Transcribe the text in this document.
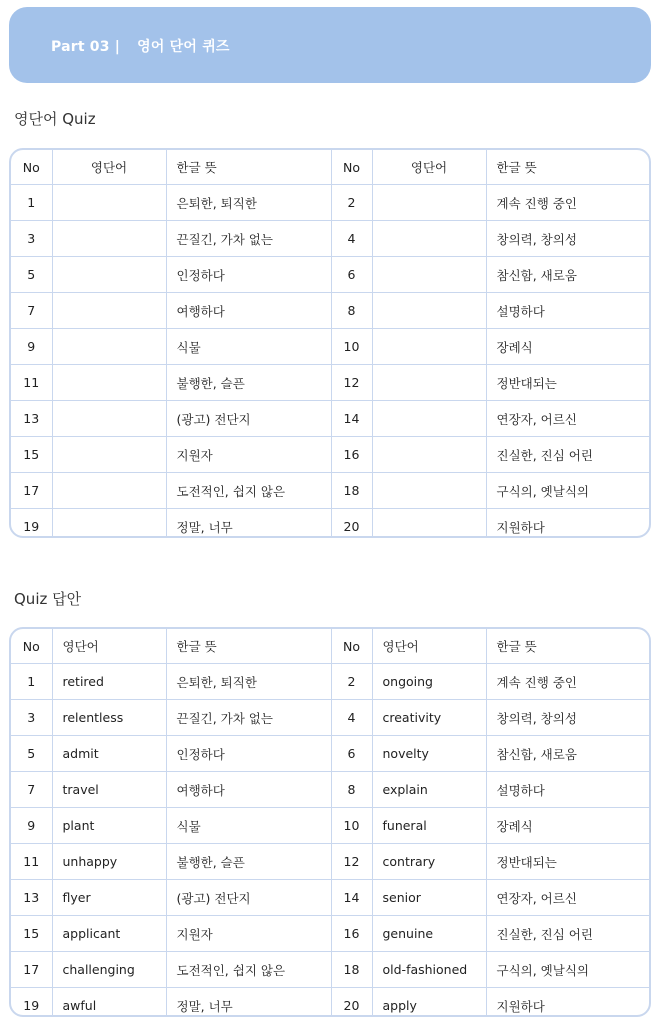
Part 03 | 영어 단어 퀴즈
영단어 Quiz
No	영단어	한글 뜻	No	영단어	한글 뜻
1		은퇴한, 퇴직한	2		계속 진행 중인
3		끈질긴, 가차 없는	4		창의력, 창의성
5		인정하다	6		참신함, 새로움
7		여행하다	8		설명하다
9		식물	10		장례식
11		불행한, 슬픈	12		정반대되는
13		(광고) 전단지	14		연장자, 어르신
15		지원자	16		진실한, 진심 어린
17		도전적인, 쉽지 않은	18		구식의, 옛날식의
19		정말, 너무	20		지원하다
Quiz 답안
No	영단어	한글 뜻	No	영단어	한글 뜻
1	retired	은퇴한, 퇴직한	2	ongoing	계속 진행 중인
3	relentless	끈질긴, 가차 없는	4	creativity	창의력, 창의성
5	admit	인정하다	6	novelty	참신함, 새로움
7	travel	여행하다	8	explain	설명하다
9	plant	식물	10	funeral	장례식
11	unhappy	불행한, 슬픈	12	contrary	정반대되는
13	flyer	(광고) 전단지	14	senior	연장자, 어르신
15	applicant	지원자	16	genuine	진실한, 진심 어린
17	challenging	도전적인, 쉽지 않은	18	old-fashioned	구식의, 옛날식의
19	awful	정말, 너무	20	apply	지원하다
